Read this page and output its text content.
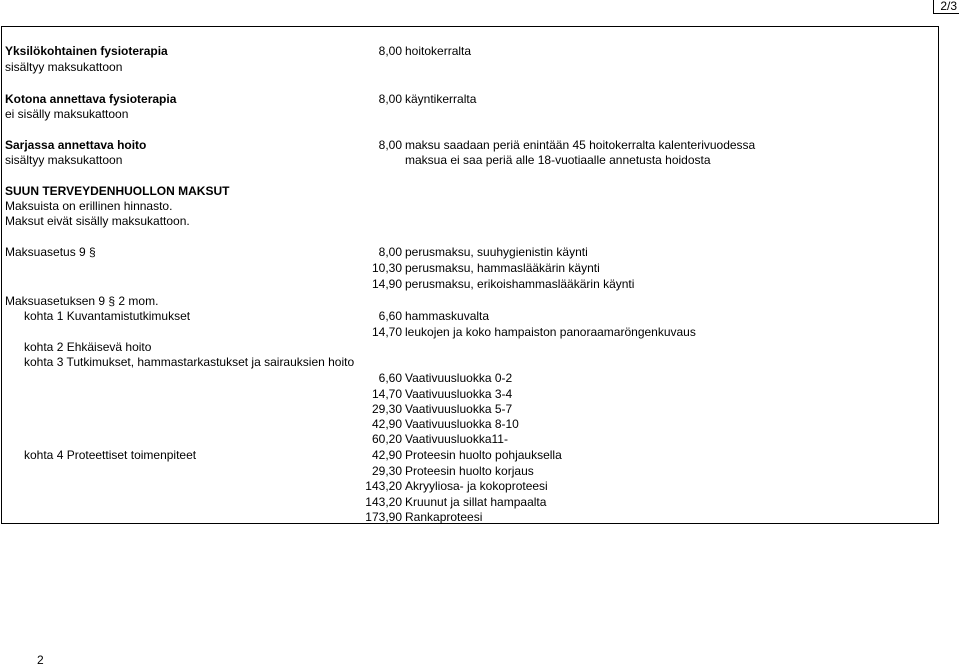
2/3
Yksilökohtainen fysioterapia
sisältyy maksukattoon
Kotona annettava fysioterapia
ei sisälly maksukattoon
Sarjassa annettava hoito
sisältyy maksukattoon
SUUN TERVEYDENHUOLLON MAKSUT
Maksuista on erillinen hinnasto.
Maksut eivät sisälly maksukattoon.
Maksuasetus 9 §
Maksuasetuksen 9 § 2 mom.
kohta 1 Kuvantamistutkimukset
kohta 2 Ehkäisevä hoito
kohta 3 Tutkimukset, hammastarkastukset ja sairauksien hoito
kohta 4 Proteettiset toimenpiteet
8,00 hoitokerralta
8,00 käyntikerralta
8,00 maksu saadaan periä enintään 45 hoitokerralta kalenterivuodessa
maksua ei saa periä alle 18-vuotiaalle annetusta hoidosta
8,00 perusmaksu, suuhygienistin käynti
10,30 perusmaksu, hammaslääkärin käynti
14,90 perusmaksu, erikoishammaslääkärin käynti
6,60 hammaskuvalta
14,70 leukojen ja koko hampaiston panoraamaröngenkuvaus
6,60 Vaativuusluokka 0-2
14,70 Vaativuusluokka 3-4
29,30 Vaativuusluokka 5-7
42,90 Vaativuusluokka 8-10
60,20 Vaativuusluokka11-
42,90 Proteesin huolto pohjauksella
29,30 Proteesin huolto korjaus
143,20 Akryyliosa- ja kokoproteesi
143,20 Kruunut ja sillat hampaalta
173,90 Rankaproteesi
2
